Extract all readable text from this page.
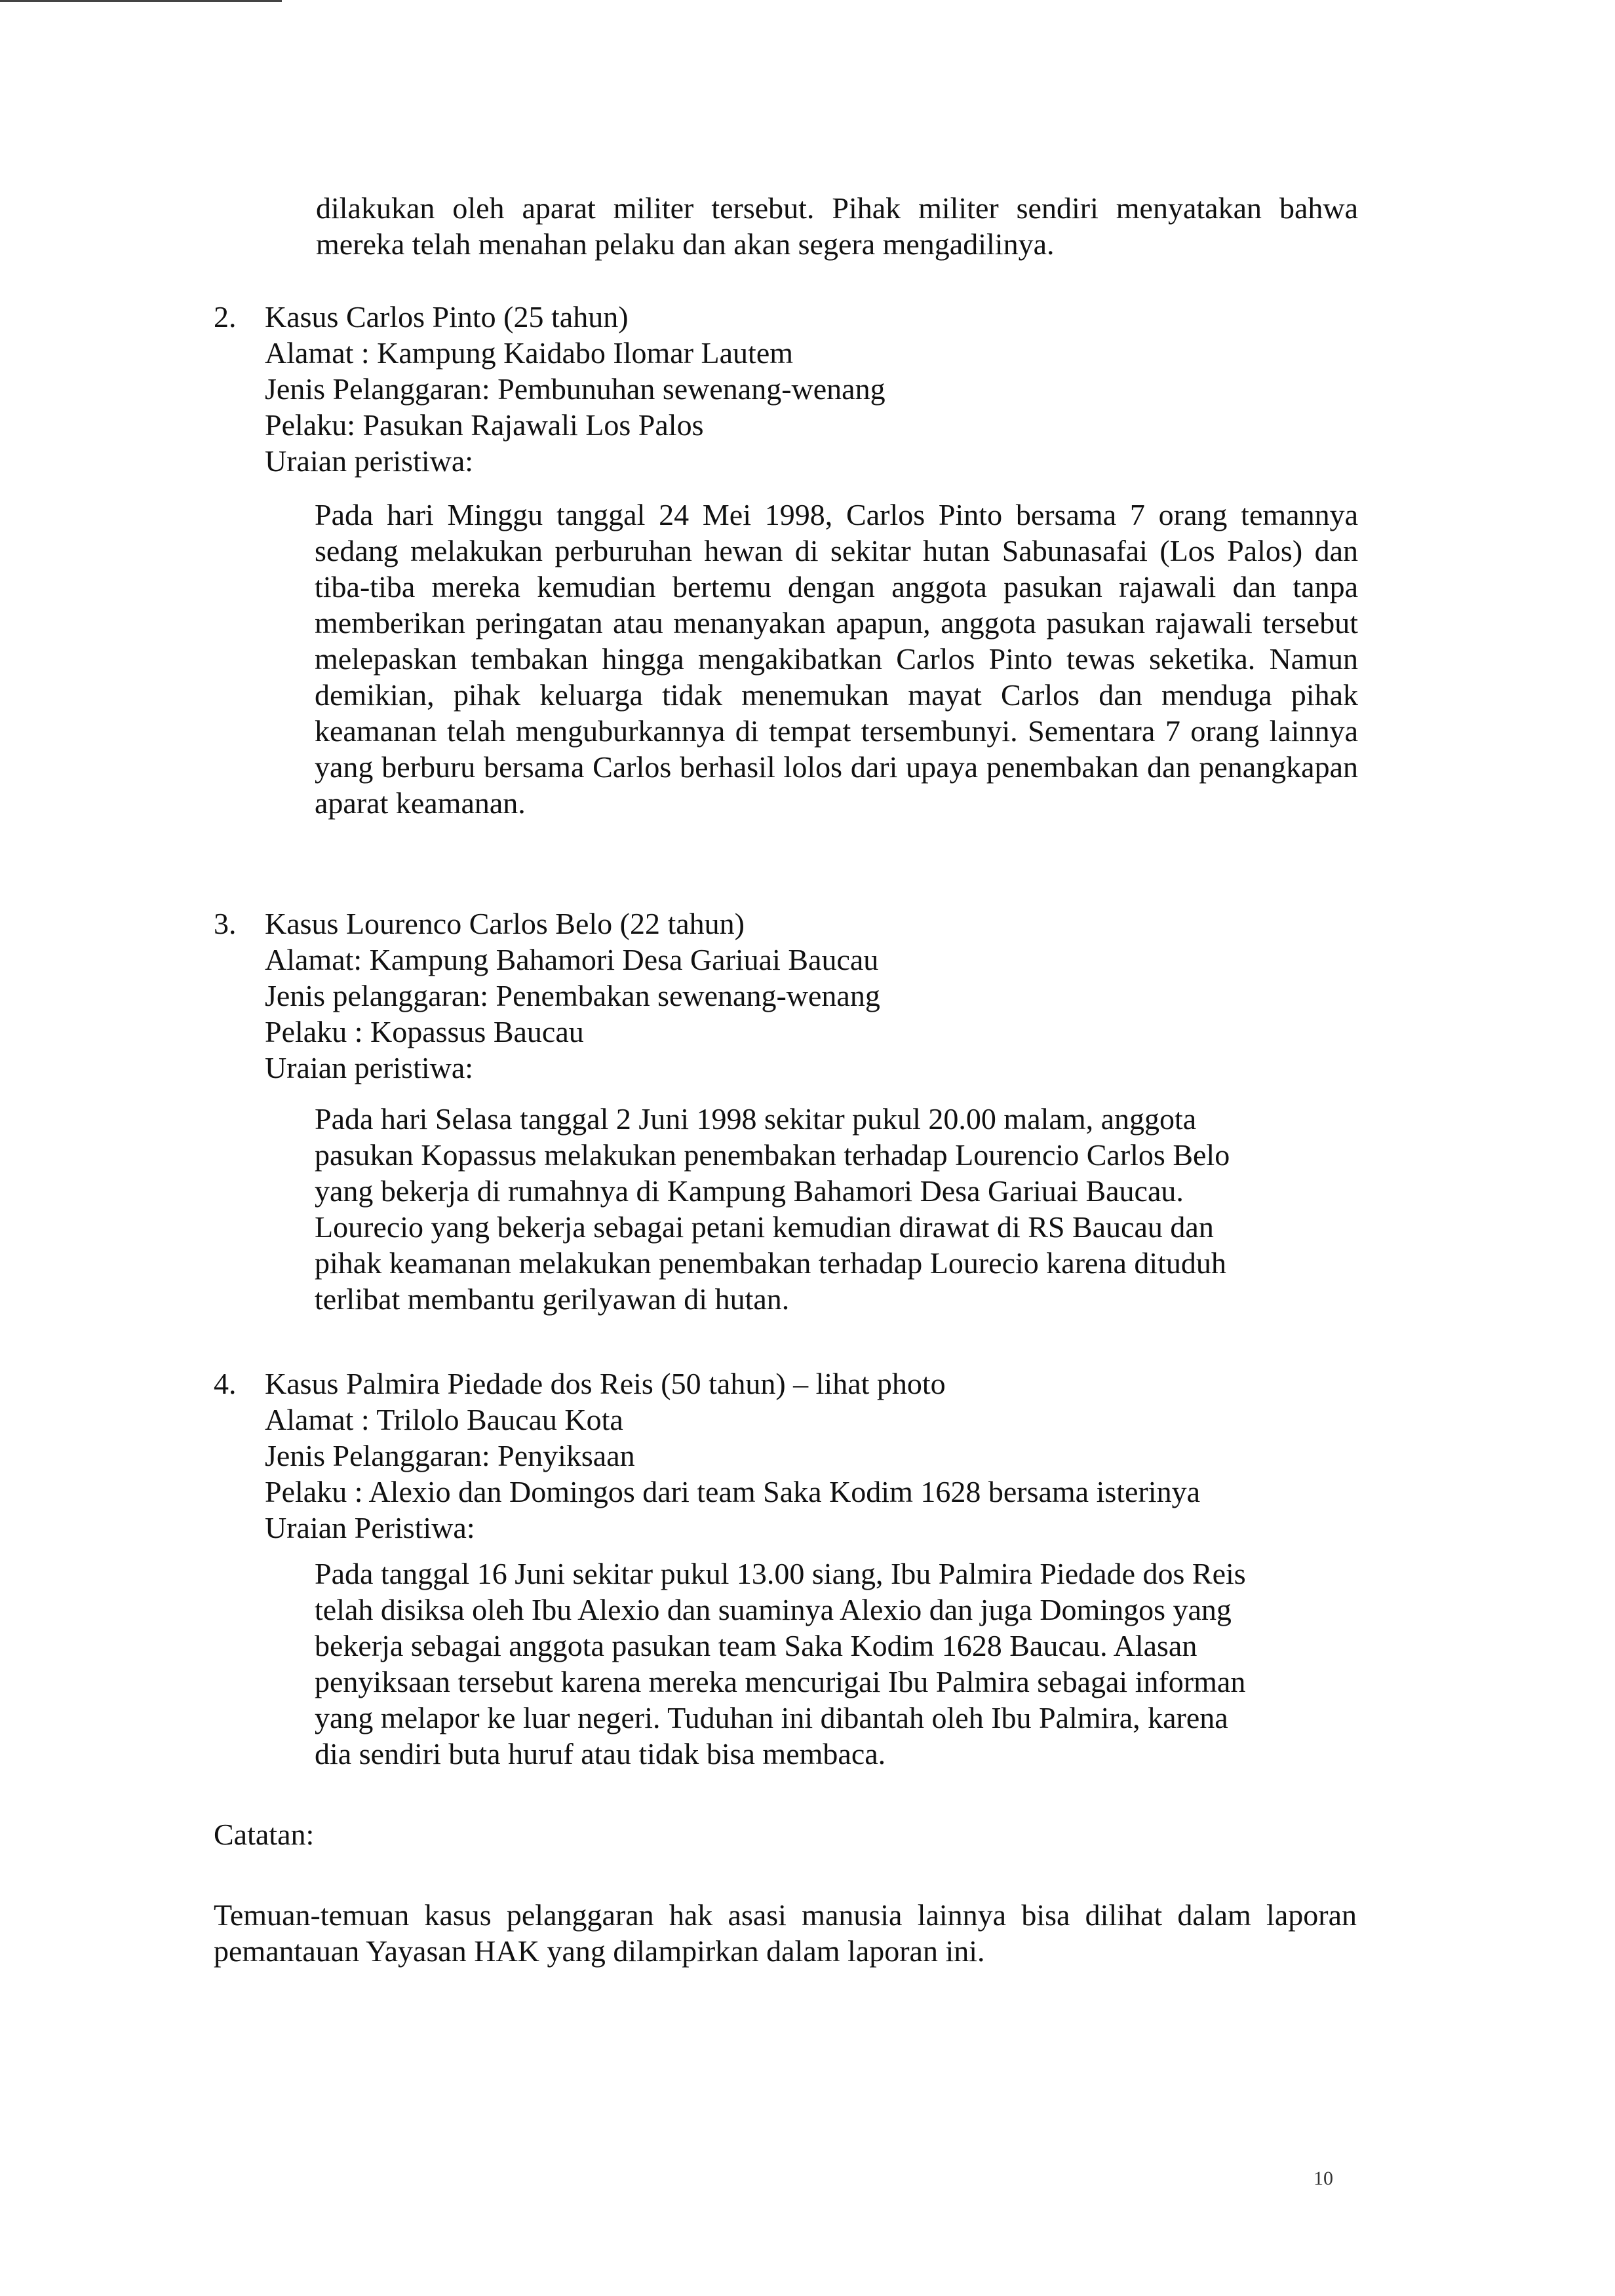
dilakukan oleh aparat militer tersebut. Pihak militer sendiri menyatakan bahwa mereka telah menahan pelaku dan akan segera mengadilinya.
2. Kasus Carlos Pinto (25 tahun)
Alamat : Kampung Kaidabo Ilomar Lautem
Jenis Pelanggaran: Pembunuhan sewenang-wenang
Pelaku: Pasukan Rajawali Los Palos
Uraian peristiwa:
Pada hari Minggu tanggal 24 Mei 1998, Carlos Pinto bersama 7 orang temannya sedang melakukan perburuhan hewan di sekitar hutan Sabunasafai (Los Palos) dan tiba-tiba mereka kemudian bertemu dengan anggota pasukan rajawali dan tanpa memberikan peringatan atau menanyakan apapun, anggota pasukan rajawali tersebut melepaskan tembakan hingga mengakibatkan Carlos Pinto tewas seketika. Namun demikian, pihak keluarga tidak menemukan mayat Carlos dan menduga pihak keamanan telah menguburkannya di tempat tersembunyi. Sementara 7 orang lainnya yang berburu bersama Carlos berhasil lolos dari upaya penembakan dan penangkapan aparat keamanan.
3. Kasus Lourenco Carlos Belo (22 tahun)
Alamat: Kampung Bahamori Desa Gariuai Baucau
Jenis pelanggaran: Penembakan sewenang-wenang
Pelaku : Kopassus Baucau
Uraian peristiwa:
Pada hari Selasa tanggal 2 Juni 1998 sekitar pukul 20.00 malam, anggota
pasukan Kopassus melakukan penembakan terhadap Lourencio Carlos Belo
yang bekerja di rumahnya di Kampung Bahamori Desa Gariuai Baucau.
Lourecio yang bekerja sebagai petani kemudian dirawat di RS Baucau dan
pihak keamanan melakukan penembakan terhadap Lourecio karena dituduh
terlibat membantu gerilyawan di hutan.
4. Kasus Palmira Piedade dos Reis (50 tahun) – lihat photo
Alamat : Trilolo Baucau Kota
Jenis Pelanggaran: Penyiksaan
Pelaku : Alexio dan Domingos dari team Saka Kodim 1628 bersama isterinya
Uraian Peristiwa:
Pada tanggal 16 Juni sekitar pukul 13.00 siang, Ibu Palmira Piedade dos Reis
telah disiksa oleh Ibu Alexio dan suaminya Alexio dan juga Domingos yang
bekerja sebagai anggota pasukan team Saka Kodim 1628 Baucau. Alasan
penyiksaan tersebut karena mereka mencurigai Ibu Palmira sebagai informan
yang melapor ke luar negeri. Tuduhan ini dibantah oleh Ibu Palmira, karena
dia sendiri buta huruf atau tidak bisa membaca.
Catatan:
Temuan-temuan kasus pelanggaran hak asasi manusia lainnya bisa dilihat dalam laporan pemantauan Yayasan HAK yang dilampirkan dalam laporan ini.
10
